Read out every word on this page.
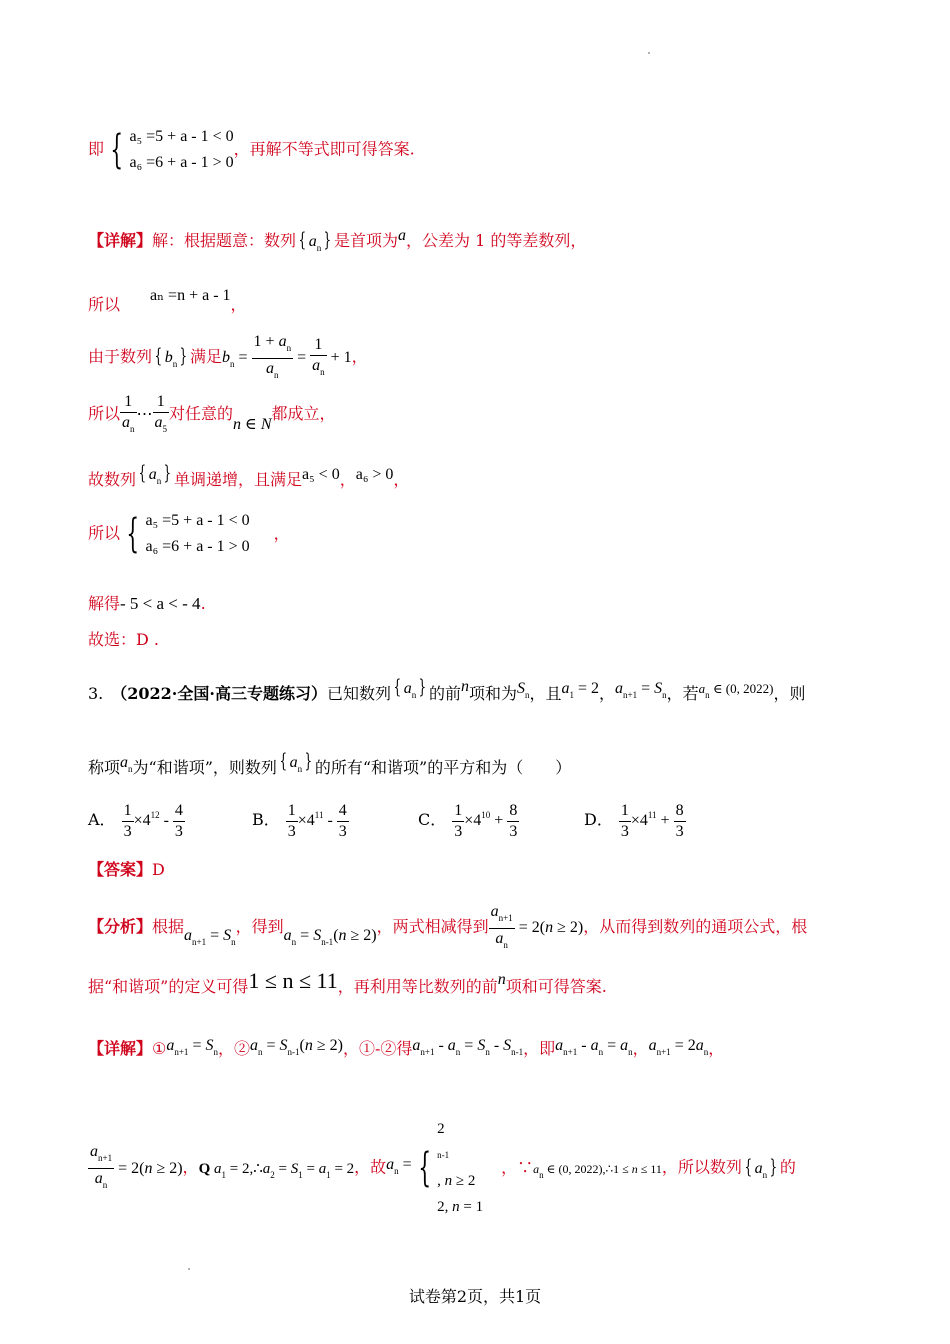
即 { a₅ =5 + a - 1 < 0
a₆ =6 + a - 1 > 0
，再解不等式即可得答案.
【详解】解：根据题意：数列 { $a_n$ } 是首项为a，公差为 1 的等差数列，
所以 aₙ =n + a - 1，
由于数列 { $b_n$ } 满足$b_n = \frac{1 + a_n}{a_n} = \frac{1}{a_n} + 1$，
所以 $\frac{1}{a_n}$ ⋯ $\frac{1}{a_5}$ 对任意的n ∈ N都成立，
故数列 { $a_n$ } 单调递增，且满足a₅ < 0，a₆ > 0，
所以 { a₅ =5 + a - 1 < 0
a₆ =6 + a - 1 > 0
，
解得- 5 < a < - 4.
故选：D .
3. （2022·全国·高三专题练习）已知数列 { $a_n$ } 的前n项和为$S_n$，且$a_1 = 2$，$a_{n+1} = S_n$，若$^{a_n \in (0, 2022)}$，则
称项$a_n$为“和谐项”，则数列 { $a_n$ } 的所有“和谐项”的平方和为（　　）
A． $\frac{1}{3} \times 4^{12} - \frac{4}{3}$	B． $\frac{1}{3} \times 4^{11} - \frac{4}{3}$	C． $\frac{1}{3} \times 4^{10} + \frac{8}{3}$	D． $\frac{1}{3} \times 4^{11} + \frac{8}{3}$
【答案】D
【分析】根据$a_{n+1} = S_n$，得到$a_n = S_{n-1}(n \ge 2)$，两式相减得到 $\frac{a_{n+1}}{a_n} = 2(n \ge 2)$，从而得到数列的通项公式，根
据“和谐项”的定义可得1 ≤ n ≤ 11，再利用等比数列的前n项和可得答案.
【详解】$①a_{n+1} = S_n$，$②a_n = S_{n-1}(n \ge 2)$，①-②得$a_{n+1} - a_n = S_n - S_{n-1}$，即$a_{n+1} - a_n = a_n$，$a_{n+1} = 2a_n$，
$\frac{a_{n+1}}{a_n} = 2(n \ge 2)$，Q $a_1$ = $2,\therefore a_2 = S_1 = a_1 = 2$，故$a_n$ = {
2
n-1
, n ≥ 2
2, n = 1
，$\because a_n$ ∈ (0, 2022),∴1 ≤ n ≤ 11，所以数列 { $a_n$ } 的
试卷第2页，共1页
